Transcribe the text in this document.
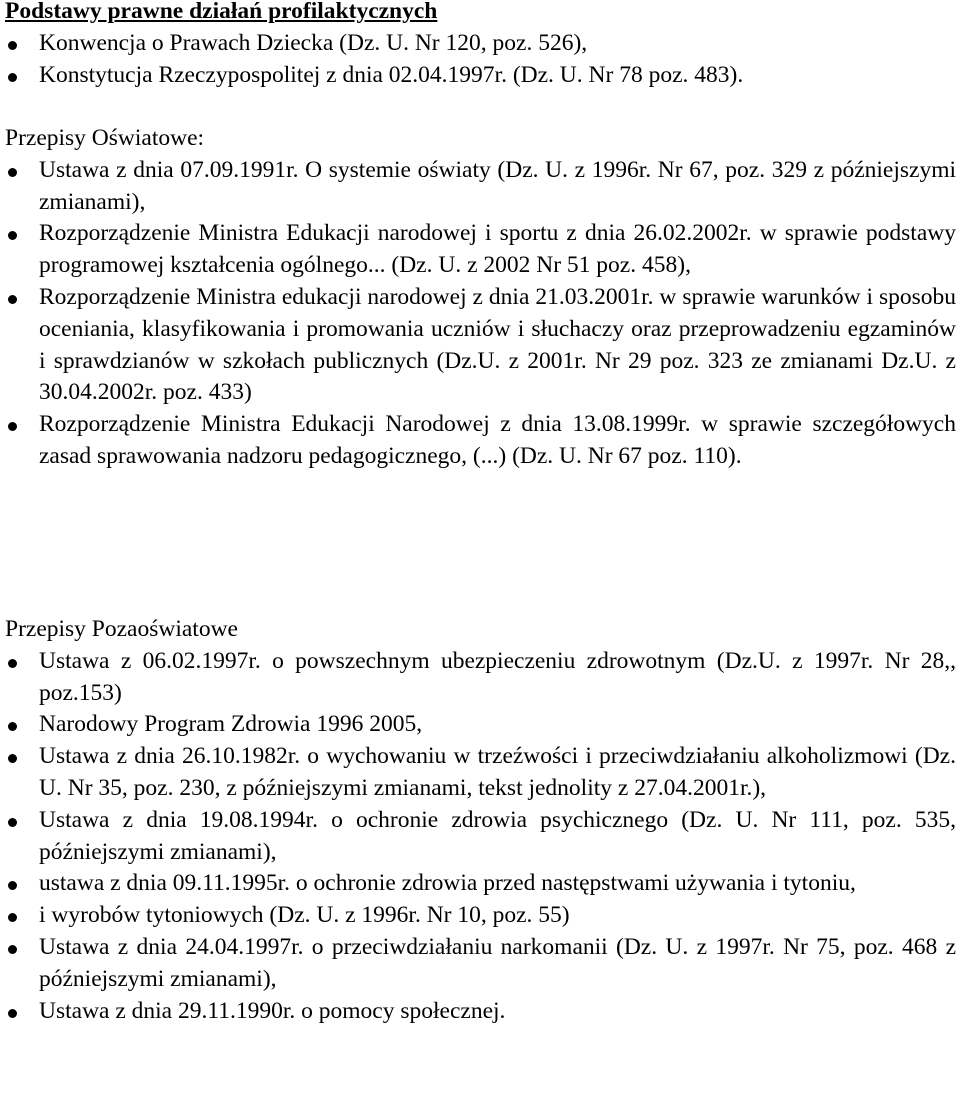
Podstawy prawne działań profilaktycznych
Konwencja o Prawach Dziecka (Dz. U. Nr 120, poz. 526),
Konstytucja Rzeczypospolitej z dnia 02.04.1997r. (Dz. U. Nr 78 poz. 483).
Przepisy Oświatowe:
Ustawa z dnia 07.09.1991r. O systemie oświaty (Dz. U. z 1996r. Nr 67, poz. 329 z późniejszymi zmianami),
Rozporządzenie Ministra Edukacji narodowej i sportu z dnia 26.02.2002r. w sprawie podstawy programowej kształcenia ogólnego... (Dz. U. z 2002 Nr 51 poz. 458),
Rozporządzenie Ministra edukacji narodowej z dnia 21.03.2001r. w sprawie warunków i sposobu oceniania, klasyfikowania i promowania uczniów i słuchaczy oraz przeprowadzeniu egzaminów i sprawdzianów w szkołach publicznych (Dz.U. z 2001r. Nr 29 poz. 323 ze zmianami Dz.U. z 30.04.2002r. poz. 433)
Rozporządzenie Ministra Edukacji Narodowej z dnia 13.08.1999r. w sprawie szczegółowych zasad sprawowania nadzoru pedagogicznego, (...) (Dz. U. Nr 67 poz. 110).
Przepisy Pozaoświatowe
Ustawa z 06.02.1997r. o powszechnym ubezpieczeniu zdrowotnym (Dz.U. z 1997r. Nr 28,, poz.153)
Narodowy Program Zdrowia 1996 2005,
Ustawa z dnia 26.10.1982r. o wychowaniu w trzeźwości i przeciwdziałaniu alkoholizmowi (Dz. U. Nr 35, poz. 230, z późniejszymi zmianami, tekst jednolity z 27.04.2001r.),
Ustawa z dnia 19.08.1994r. o ochronie zdrowia psychicznego (Dz. U. Nr 111, poz. 535, późniejszymi zmianami),
ustawa z dnia 09.11.1995r. o ochronie zdrowia przed następstwami używania i tytoniu,
i wyrobów tytoniowych (Dz. U. z 1996r. Nr 10, poz. 55)
Ustawa z dnia 24.04.1997r. o przeciwdziałaniu narkomanii (Dz. U. z 1997r. Nr 75, poz. 468 z późniejszymi zmianami),
Ustawa z dnia 29.11.1990r. o pomocy społecznej.
